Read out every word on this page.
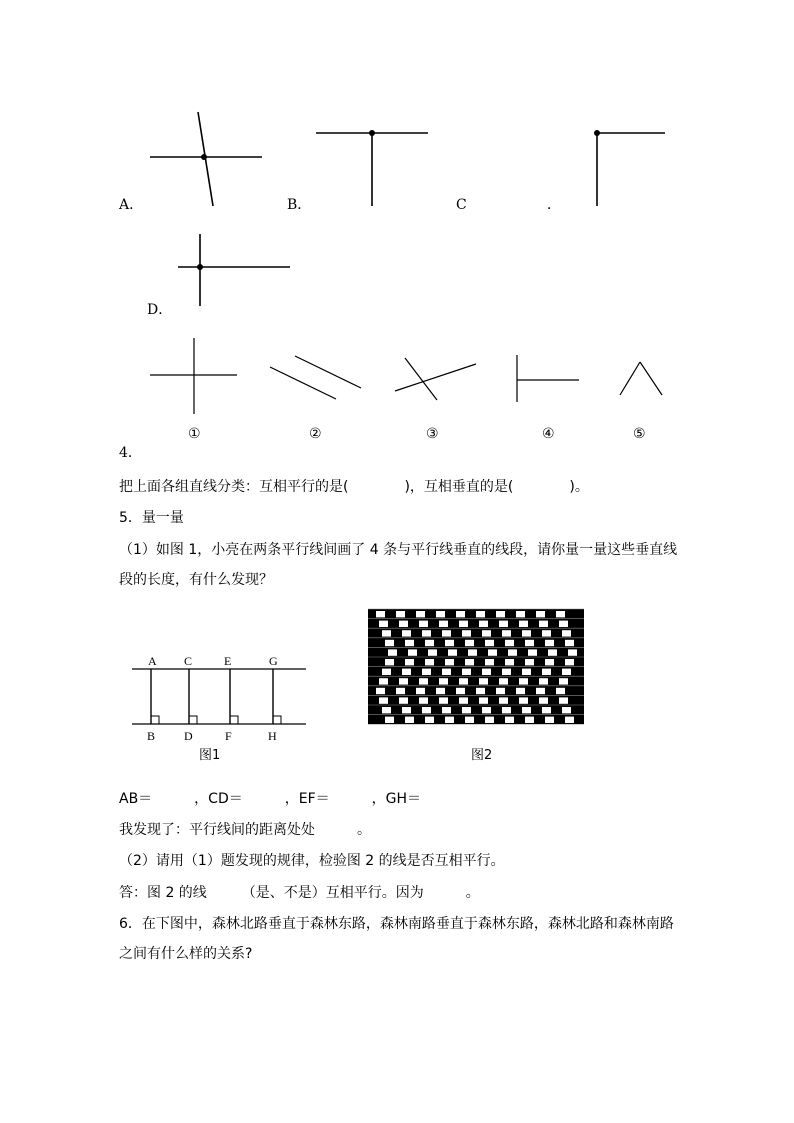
A．	B．	C	．
D．
①	②	③	④	⑤
4．
把上面各组直线分类：互相平行的是(　　　　)，互相垂直的是(　　　　)。
5．量一量
（1）如图 1，小亮在两条平行线间画了 4 条与平行线垂直的线段，请你量一量这些垂直线
段的长度，有什么发现？
A C	E	G
B D	F	H
图1	图2
AB＝　　　，CD＝　　　，EF＝　　　，GH＝
我发现了：平行线间的距离处处　　　。
（2）请用（1）题发现的规律，检验图 2 的线是否互相平行。
答：图 2 的线　　　（是、不是）互相平行。因为　　　。
6．在下图中，森林北路垂直于森林东路，森林南路垂直于森林东路，森林北路和森林南路
之间有什么样的关系?
